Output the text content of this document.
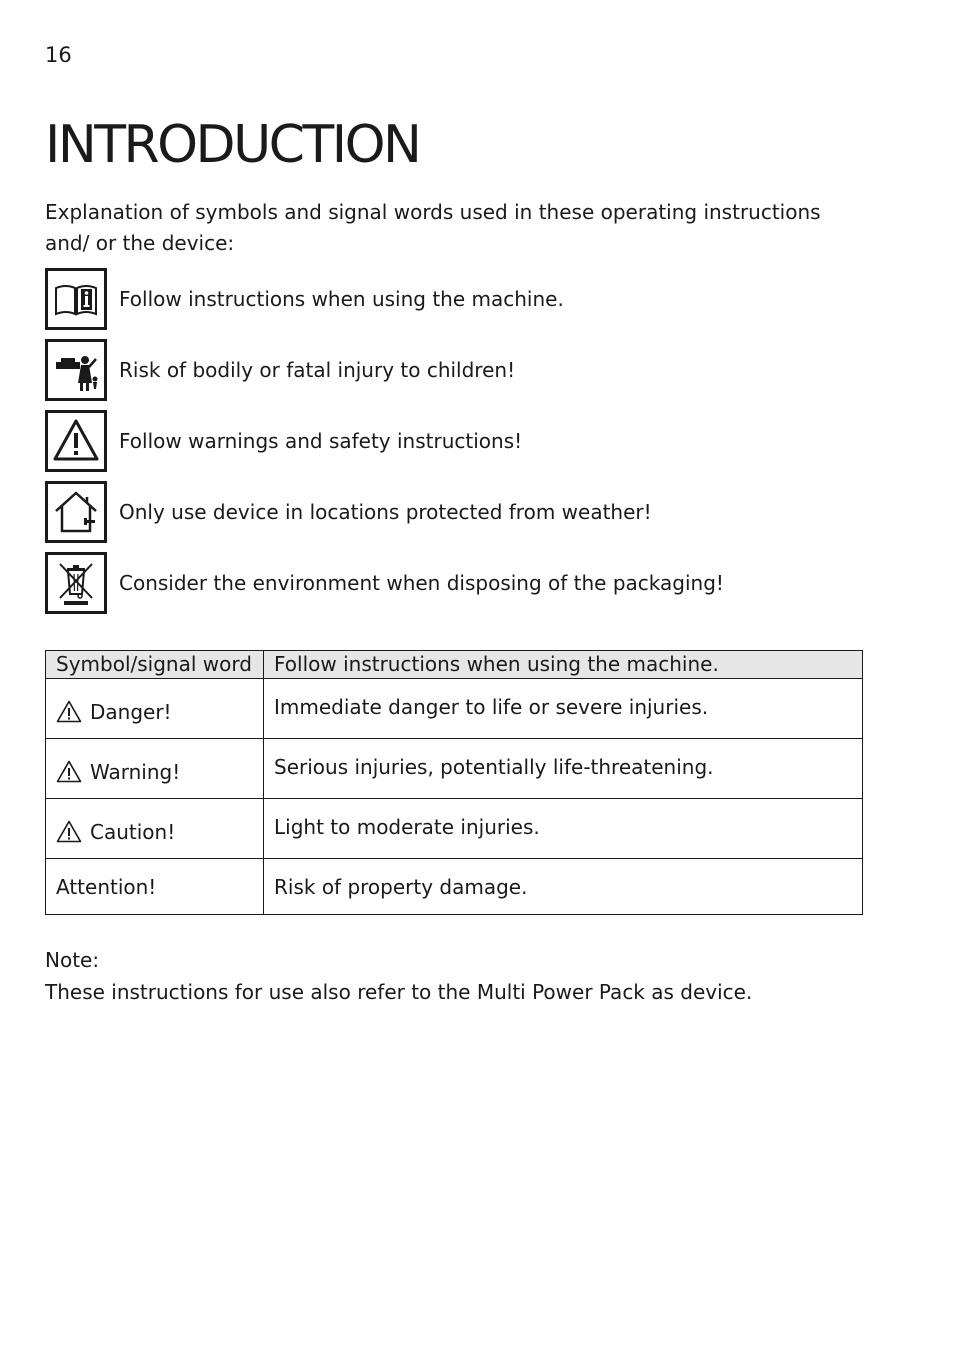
16
INTRODUCTION

Explanation of symbols and signal words used in these operating instructions and/ or the device:

Follow instructions when using the machine.
Risk of bodily or fatal injury to children!
Follow warnings and safety instructions!
Only use device in locations protected from weather!
Consider the environment when disposing of the packaging!
Symbol/signal word	Follow instructions when using the machine.

Danger!	Immediate danger to life or severe injuries.

Warning!	Serious injuries, potentially life-threatening.

Caution!	Light to moderate injuries.

Attention!	Risk of property damage.

Note:

These instructions for use also refer to the Multi Power Pack as device.
